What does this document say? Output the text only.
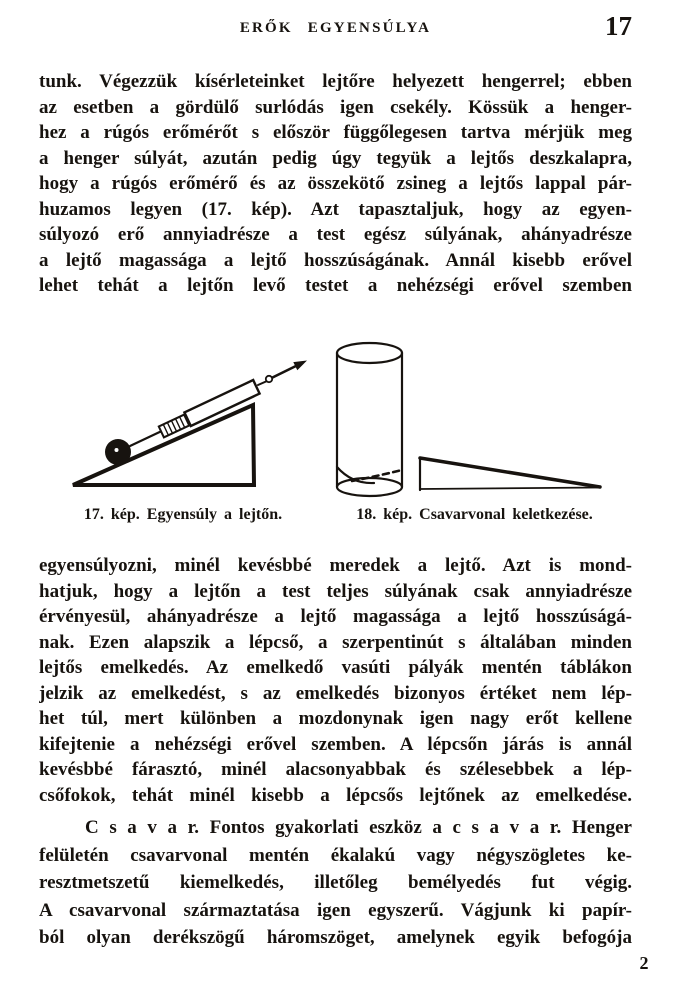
ERŐK EGYENSÚLYA	17
tunk. Végezzük kísérleteinket lejtőre helyezett hengerrel; ebben
az esetben a gördülő surlódás igen csekély. Kössük a henger-
hez a rúgós erőmérőt s először függőlegesen tartva mérjük meg
a henger súlyát, azután pedig úgy tegyük a lejtős deszkalapra,
hogy a rúgós erőmérő és az összekötő zsineg a lejtős lappal pár-
huzamos legyen (17. kép). Azt tapasztaljuk, hogy az egyen-
súlyozó erő annyiadrésze a test egész súlyának, ahányadrésze
a lejtő magassága a lejtő hosszúságának. Annál kisebb erővel
lehet tehát a lejtőn levő testet a nehézségi erővel szemben
17. kép. Egyensúly a lejtőn.	18. kép. Csavarvonal keletkezése.
egyensúlyozni, minél kevésbbé meredek a lejtő. Azt is mond-
hatjuk, hogy a lejtőn a test teljes súlyának csak annyiadrésze
érvényesül, ahányadrésze a lejtő magassága a lejtő hosszúságá-
nak. Ezen alapszik a lépcső, a szerpentinút s általában minden
lejtős emelkedés. Az emelkedő vasúti pályák mentén táblákon
jelzik az emelkedést, s az emelkedés bizonyos értéket nem lép-
het túl, mert különben a mozdonynak igen nagy erőt kellene
kifejtenie a nehézségi erővel szemben. A lépcsőn járás is annál
kevésbbé fárasztó, minél alacsonyabbak és szélesebbek a lép-
csőfokok, tehát minél kisebb a lépcsős lejtőnek az emelkedése.
C s a v a r. Fontos gyakorlati eszköz a c s a v a r. Henger
felületén csavarvonal mentén ékalakú vagy négyszögletes ke-
resztmetszetű kiemelkedés, illetőleg bemélyedés fut végig.
A csavarvonal származtatása igen egyszerű. Vágjunk ki papír-
ból olyan derékszögű háromszöget, amelynek egyik befogója
2
